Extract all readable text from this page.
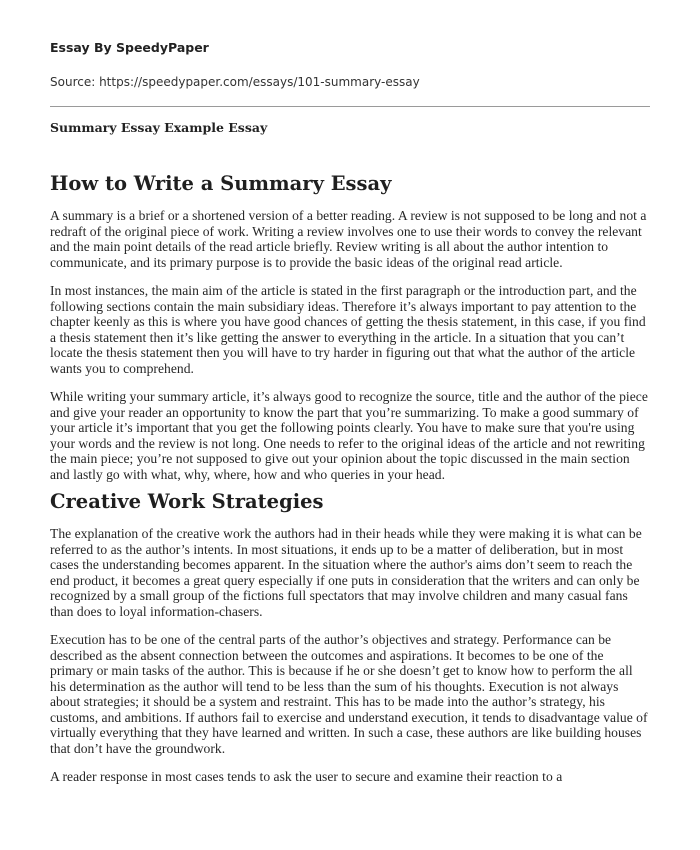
Essay By SpeedyPaper
Source: https://speedypaper.com/essays/101-summary-essay
Summary Essay Example Essay
How to Write a Summary Essay

A summary is a brief or a shortened version of a better reading. A review is not supposed to be long and not a redraft of the original piece of work. Writing a review involves one to use their words to convey the relevant and the main point details of the read article briefly. Review writing is all about the author intention to communicate, and its primary purpose is to provide the basic ideas of the original read article.

In most instances, the main aim of the article is stated in the first paragraph or the introduction part, and the following sections contain the main subsidiary ideas. Therefore it’s always important to pay attention to the chapter keenly as this is where you have good chances of getting the thesis statement, in this case, if you find a thesis statement then it’s like getting the answer to everything in the article. In a situation that you can’t locate the thesis statement then you will have to try harder in figuring out that what the author of the article wants you to comprehend.

While writing your summary article, it’s always good to recognize the source, title and the author of the piece and give your reader an opportunity to know the part that you’re summarizing. To make a good summary of your article it’s important that you get the following points clearly. You have to make sure that you're using your words and the review is not long. One needs to refer to the original ideas of the article and not rewriting the main piece; you’re not supposed to give out your opinion about the topic discussed in the main section and lastly go with what, why, where, how and who queries in your head.

Creative Work Strategies

The explanation of the creative work the authors had in their heads while they were making it is what can be referred to as the author’s intents. In most situations, it ends up to be a matter of deliberation, but in most cases the understanding becomes apparent. In the situation where the author's aims don’t seem to reach the end product, it becomes a great query especially if one puts in consideration that the writers and can only be recognized by a small group of the fictions full spectators that may involve children and many casual fans than does to loyal information-chasers.

Execution has to be one of the central parts of the author’s objectives and strategy. Performance can be described as the absent connection between the outcomes and aspirations. It becomes to be one of the primary or main tasks of the author. This is because if he or she doesn’t get to know how to perform the all his determination as the author will tend to be less than the sum of his thoughts. Execution is not always about strategies; it should be a system and restraint. This has to be made into the author’s strategy, his customs, and ambitions. If authors fail to exercise and understand execution, it tends to disadvantage value of virtually everything that they have learned and written. In such a case, these authors are like building houses that don’t have the groundwork.

A reader response in most cases tends to ask the user to secure and examine their reaction to a
